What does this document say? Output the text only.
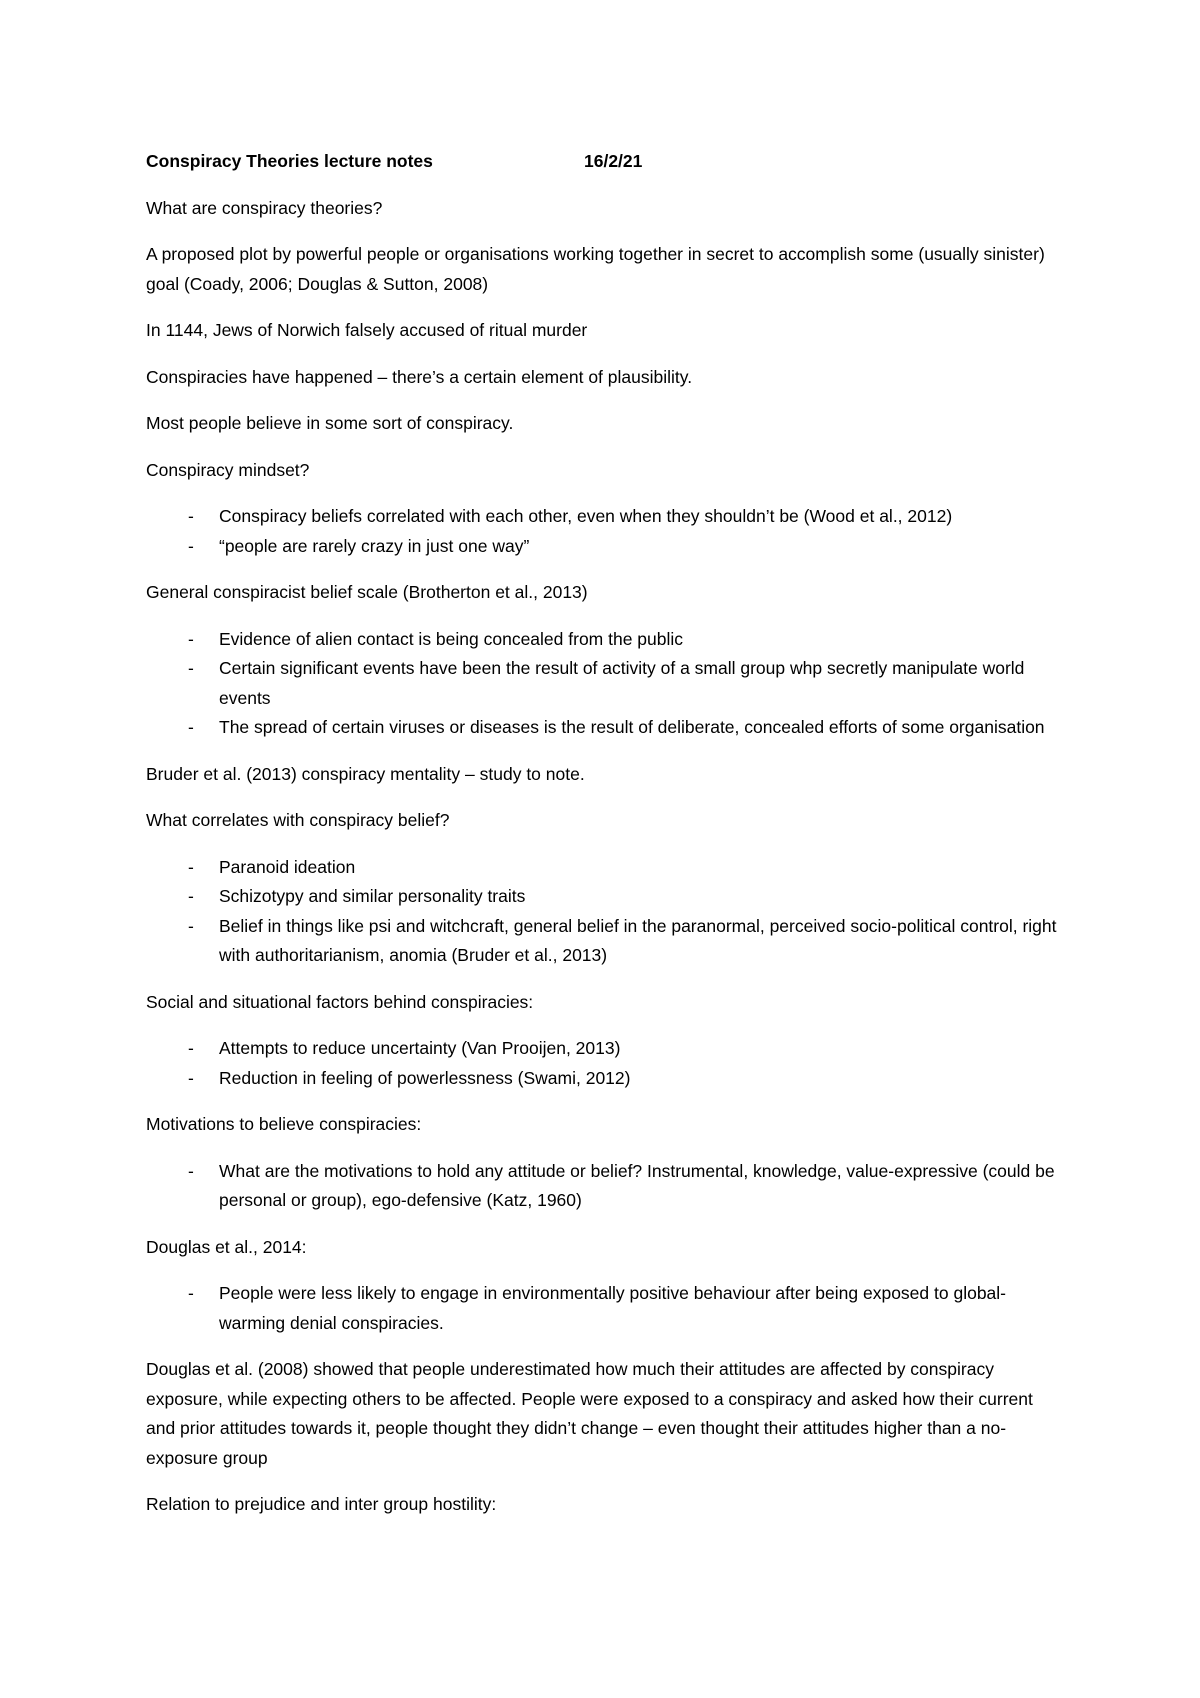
Conspiracy Theories lecture notes	16/2/21

What are conspiracy theories?

A proposed plot by powerful people or organisations working together in secret to accomplish some (usually sinister) goal (Coady, 2006; Douglas & Sutton, 2008)

In 1144, Jews of Norwich falsely accused of ritual murder

Conspiracies have happened – there’s a certain element of plausibility.

Most people believe in some sort of conspiracy.

Conspiracy mindset?

- Conspiracy beliefs correlated with each other, even when they shouldn’t be (Wood et al., 2012)
- “people are rarely crazy in just one way”

General conspiracist belief scale (Brotherton et al., 2013)

- Evidence of alien contact is being concealed from the public
- Certain significant events have been the result of activity of a small group whp secretly manipulate world events
- The spread of certain viruses or diseases is the result of deliberate, concealed efforts of some organisation

Bruder et al. (2013) conspiracy mentality – study to note.

What correlates with conspiracy belief?

- Paranoid ideation
- Schizotypy and similar personality traits
- Belief in things like psi and witchcraft, general belief in the paranormal, perceived socio-political control, right with authoritarianism, anomia (Bruder et al., 2013)

Social and situational factors behind conspiracies:

- Attempts to reduce uncertainty (Van Prooijen, 2013)
- Reduction in feeling of powerlessness (Swami, 2012)

Motivations to believe conspiracies:

- What are the motivations to hold any attitude or belief? Instrumental, knowledge, value-expressive (could be personal or group), ego-defensive (Katz, 1960)

Douglas et al., 2014:

- People were less likely to engage in environmentally positive behaviour after being exposed to global-warming denial conspiracies.

Douglas et al. (2008) showed that people underestimated how much their attitudes are affected by conspiracy exposure, while expecting others to be affected. People were exposed to a conspiracy and asked how their current and prior attitudes towards it, people thought they didn’t change – even thought their attitudes higher than a no-exposure group

Relation to prejudice and inter group hostility:
